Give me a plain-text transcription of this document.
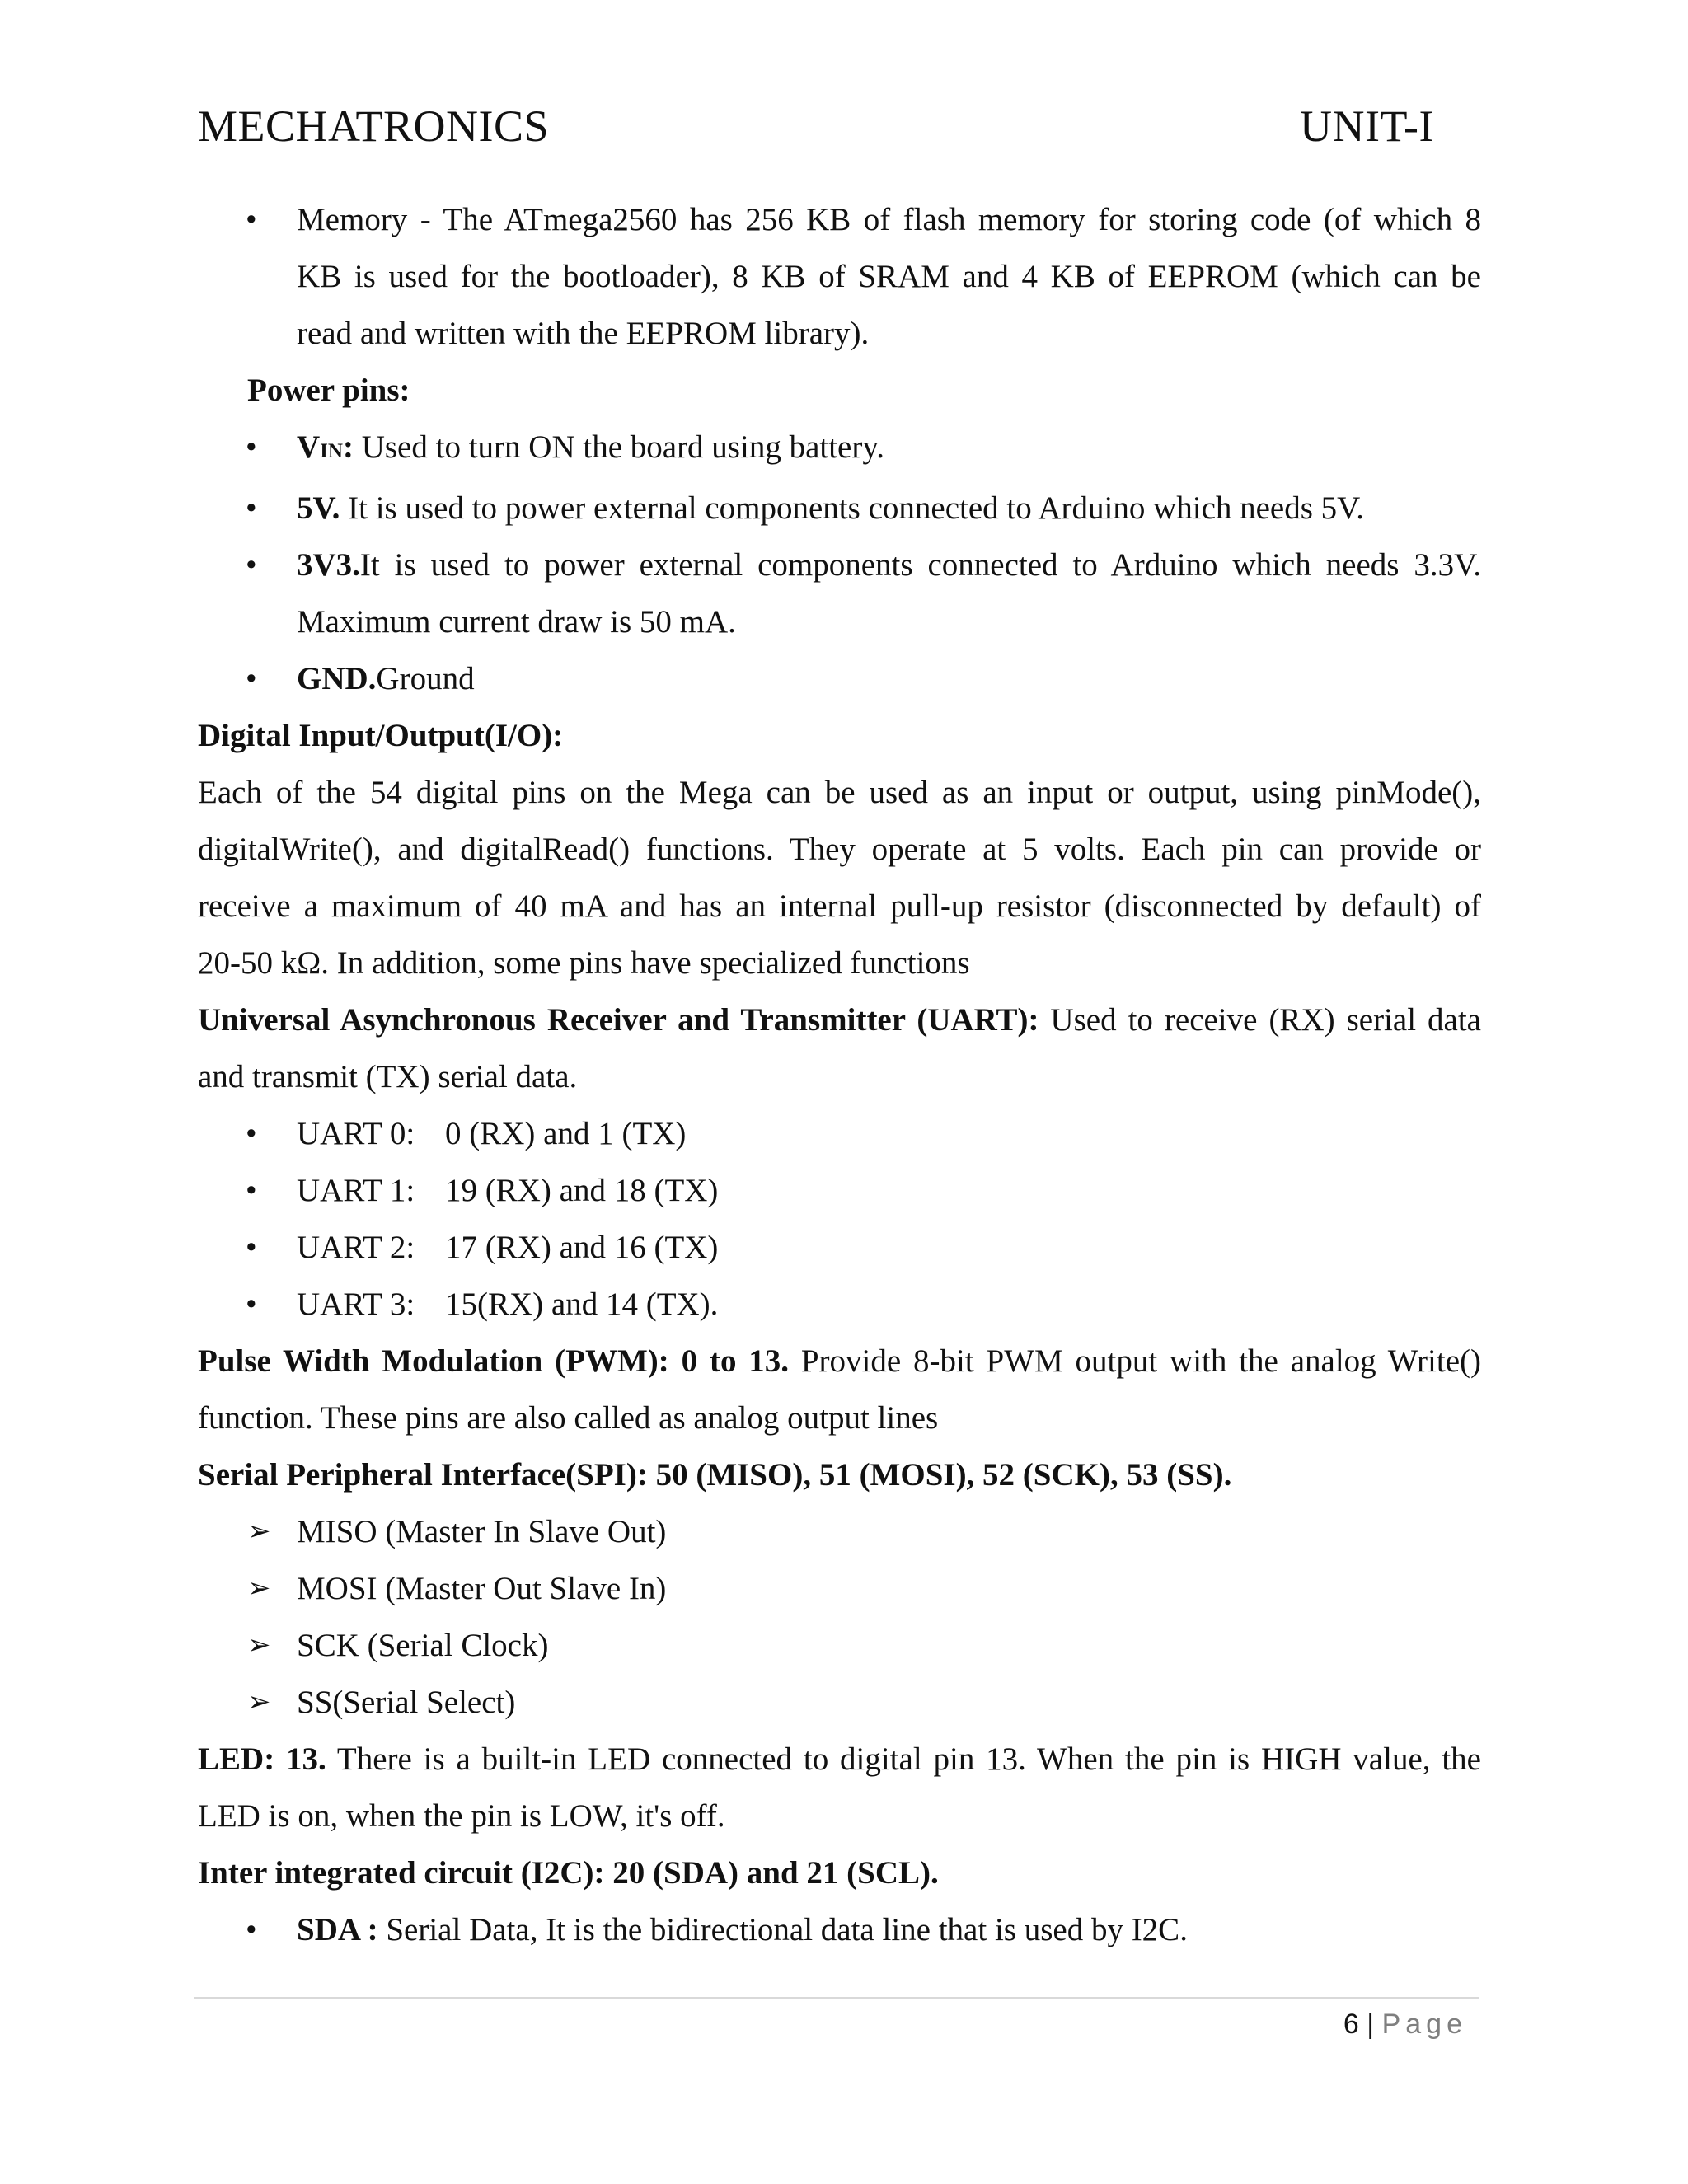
MECHATRONICS	UNIT-I
• Memory - The ATmega2560 has 256 KB of flash memory for storing code (of which 8
KB is used for the bootloader), 8 KB of SRAM and 4 KB of EEPROM (which can be
read and written with the EEPROM library).
Power pins:
• VIN: Used to turn ON the board using battery.
• 5V. It is used to power external components connected to Arduino which needs 5V.
• 3V3.It is used to power external components connected to Arduino which needs 3.3V.
Maximum current draw is 50 mA.
• GND.Ground
Digital Input/Output(I/O):
Each of the 54 digital pins on the Mega can be used as an input or output, using pinMode(),
digitalWrite(), and digitalRead() functions. They operate at 5 volts. Each pin can provide or
receive a maximum of 40 mA and has an internal pull-up resistor (disconnected by default) of
20-50 kΩ. In addition, some pins have specialized functions
Universal Asynchronous Receiver and Transmitter (UART): Used to receive (RX) serial data
and transmit (TX) serial data.
• UART 0: 0 (RX) and 1 (TX)
• UART 1: 19 (RX) and 18 (TX)
• UART 2: 17 (RX) and 16 (TX)
• UART 3: 15(RX) and 14 (TX).
Pulse Width Modulation (PWM): 0 to 13. Provide 8-bit PWM output with the analog Write()
function. These pins are also called as analog output lines
Serial Peripheral Interface(SPI): 50 (MISO), 51 (MOSI), 52 (SCK), 53 (SS).
➢ MISO (Master In Slave Out)
➢ MOSI (Master Out Slave In)
➢ SCK (Serial Clock)
➢ SS(Serial Select)
LED: 13. There is a built-in LED connected to digital pin 13. When the pin is HIGH value, the
LED is on, when the pin is LOW, it's off.
Inter integrated circuit (I2C): 20 (SDA) and 21 (SCL).
• SDA : Serial Data, It is the bidirectional data line that is used by I2C.
6 | Page
